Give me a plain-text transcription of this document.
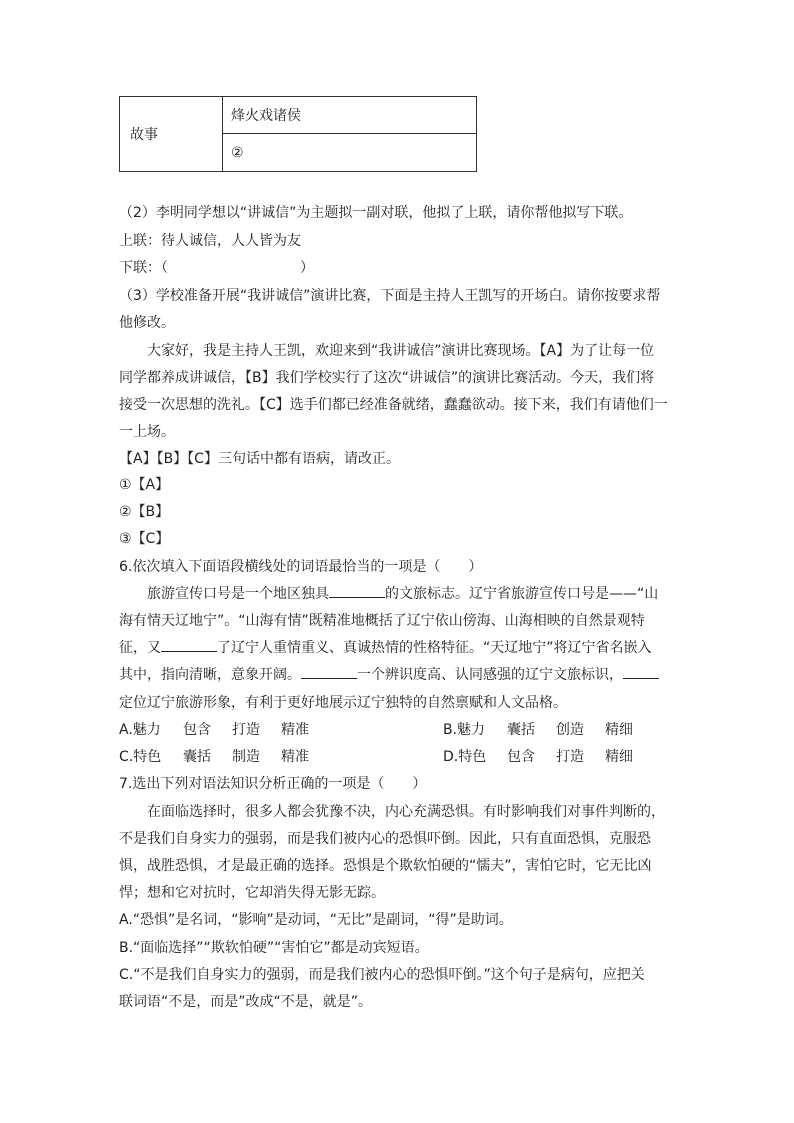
故事	烽火戏诸侯
②
（2）李明同学想以“讲诚信”为主题拟一副对联，他拟了上联，请你帮他拟写下联。
上联：待人诚信，人人皆为友
下联：（	）
（3）学校准备开展“我讲诚信”演讲比赛，下面是主持人王凯写的开场白。请你按要求帮
他修改。
大家好，我是主持人王凯，欢迎来到“我讲诚信”演讲比赛现场。【A】为了让每一位
同学都养成讲诚信，【B】我们学校实行了这次“讲诚信”的演讲比赛活动。今天，我们将
接受一次思想的洗礼。【C】选手们都已经准备就绪，蠢蠢欲动。接下来，我们有请他们一
一上场。
【A】【B】【C】三句话中都有语病，请改正。
①【A】
②【B】
③【C】
6.依次填入下面语段横线处的词语最恰当的一项是（　　）
旅游宣传口号是一个地区独具	的文旅标志。辽宁省旅游宣传口号是——“山
海有情天辽地宁”。“山海有情”既精准地概括了辽宁依山傍海、山海相映的自然景观特
征，又	了辽宁人重情重义、真诚热情的性格特征。“天辽地宁”将辽宁省名嵌入
其中，指向清晰，意象开阔。	一个辨识度高、认同感强的辽宁文旅标识，
定位辽宁旅游形象，有利于更好地展示辽宁独特的自然禀赋和人文品格。
A.魅力 包含 打造 精准	B.魅力 囊括 创造 精细
C.特色 囊括 制造 精准	D.特色 包含 打造 精细
7.选出下列对语法知识分析正确的一项是（　　）
在面临选择时，很多人都会犹豫不决，内心充满恐惧。有时影响我们对事件判断的，
不是我们自身实力的强弱，而是我们被内心的恐惧吓倒。因此，只有直面恐惧，克服恐
惧，战胜恐惧，才是最正确的选择。恐惧是个欺软怕硬的“懦夫”，害怕它时，它无比凶
悍；想和它对抗时，它却消失得无影无踪。
A.“恐惧”是名词，“影响”是动词，“无比”是副词，“得”是助词。
B.“面临选择”“欺软怕硬”“害怕它”都是动宾短语。
C.“不是我们自身实力的强弱，而是我们被内心的恐惧吓倒。”这个句子是病句，应把关
联词语“不是，而是”改成“不是，就是”。
